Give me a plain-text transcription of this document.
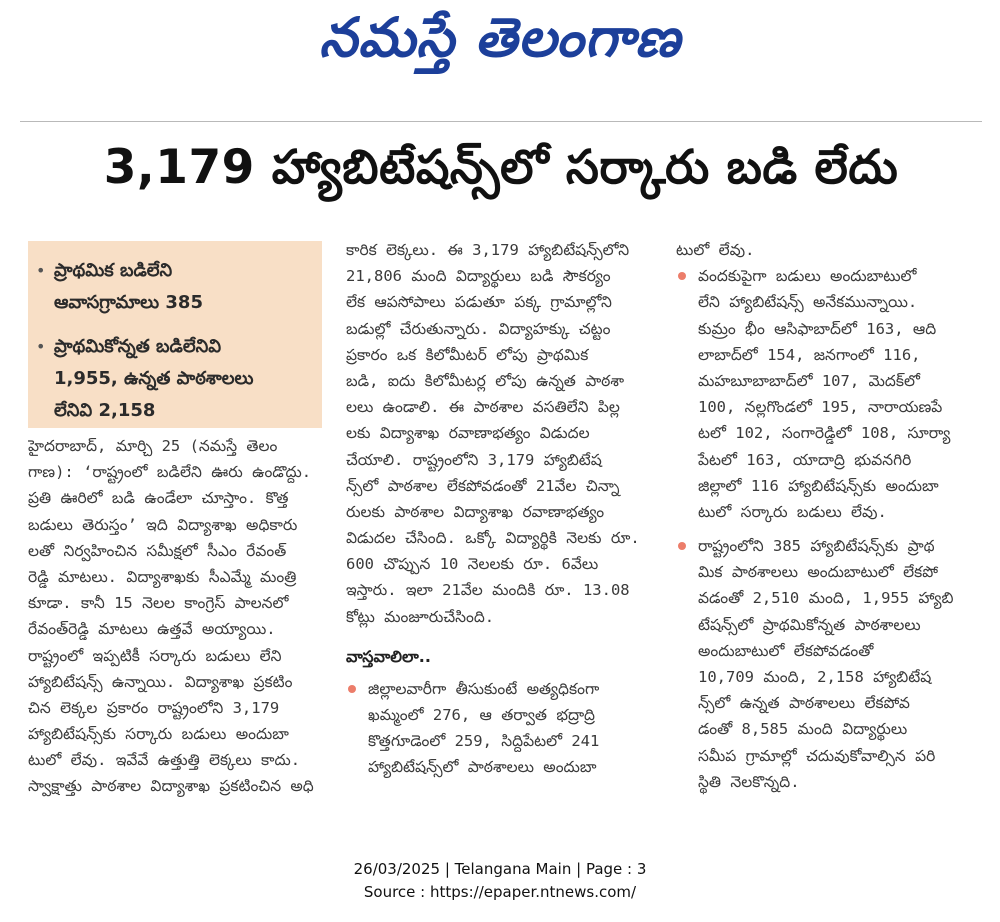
నమస్తే తెలంగాణ
3,179 హ్యాబిటేషన్స్‌లో సర్కారు బడి లేదు
• ప్రాథమిక బడిలేని
ఆవాసగ్రామాలు 385
• ప్రాథమికోన్నత బడిలేనివి
1,955, ఉన్నత పాఠశాలలు
లేనివి 2,158
హైదరాబాద్, మార్చి 25 (నమస్తే తెలం
గాణ): ‘రాష్ట్రంలో బడిలేని ఊరు ఉండొద్దు.
ప్రతి ఊరిలో బడి ఉండేలా చూస్తాం. కొత్త
బడులు తెరుస్తం’ ఇది విద్యాశాఖ అధికారు
లతో నిర్వహించిన సమీక్షలో సీఎం రేవంత్
రెడ్డి మాటలు. విద్యాశాఖకు సీఎమ్మే మంత్రి
కూడా. కానీ 15 నెలల కాంగ్రెస్ పాలనలో
రేవంత్‌రెడ్డి మాటలు ఉత్తవే అయ్యాయి.
రాష్ట్రంలో ఇప్పటికీ సర్కారు బడులు లేని
హ్యాబిటేషన్స్ ఉన్నాయి. విద్యాశాఖ ప్రకటిం
చిన లెక్కల ప్రకారం రాష్ట్రంలోని 3,179
హ్యాబిటేషన్స్‌కు సర్కారు బడులు అందుబా
టులో లేవు. ఇవేవే ఉత్తుత్తి లెక్కలు కాదు.
స్వాక్షాత్తు పాఠశాల విద్యాశాఖ ప్రకటించిన అధి
కారిక లెక్కలు. ఈ 3,179 హ్యాబిటేషన్స్‌లోని
21,806 మంది విద్యార్థులు బడి సౌకర్యం
లేక ఆపసోపాలు పడుతూ పక్క గ్రామాల్లోని
బడుల్లో చేరుతున్నారు. విద్యాహక్కు చట్టం
ప్రకారం ఒక కిలోమీటర్ లోపు ప్రాథమిక
బడి, ఐదు కిలోమీటర్ల లోపు ఉన్నత పాఠశా
లలు ఉండాలి. ఈ పాఠశాల వసతిలేని పిల్ల
లకు విద్యాశాఖ రవాణాభత్యం విడుదల
చేయాలి. రాష్ట్రంలోని 3,179 హ్యాబిటేష
న్స్‌లో పాఠశాల లేకపోవడంతో 21వేల చిన్నా
రులకు పాఠశాల విద్యాశాఖ రవాణాభత్యం
విడుదల చేసింది. ఒక్కో విద్యార్థికి నెలకు రూ.
600 చొప్పున 10 నెలలకు రూ. 6వేలు
ఇస్తారు. ఇలా 21వేల మందికి రూ. 13.08
కోట్లు మంజూరుచేసింది.
వాస్తవాలిలా..
జిల్లాలవారీగా తీసుకుంటే అత్యధికంగా
ఖమ్మంలో 276, ఆ తర్వాత భద్రాద్రి
కొత్తగూడెంలో 259, సిద్దిపేటలో 241
హ్యాబిటేషన్స్‌లో పాఠశాలలు అందుబా
టులో లేవు.
వందకుపైగా బడులు అందుబాటులో
లేని హ్యాబిటేషన్స్ అనేకమున్నాయి.
కుమ్రం భీం ఆసిఫాబాద్‌లో 163, ఆది
లాబాద్‌లో 154, జనగాంలో 116,
మహబూబాబాద్‌లో 107, మెదక్‌లో
100, నల్లగొండలో 195, నారాయణపే
టలో 102, సంగారెడ్డిలో 108, సూర్యా
పేటలో 163, యాదాద్రి భువనగిరి
జిల్లాలో 116 హ్యాబిటేషన్స్‌కు అందుబా
టులో సర్కారు బడులు లేవు.
రాష్ట్రంలోని 385 హ్యాబిటేషన్స్‌కు ప్రాథ
మిక పాఠశాలలు అందుబాటులో లేకపో
వడంతో 2,510 మంది, 1,955 హ్యాబి
టేషన్స్‌లో ప్రాథమికోన్నత పాఠశాలలు
అందుబాటులో లేకపోవడంతో
10,709 మంది, 2,158 హ్యాబిటేష
న్స్‌లో ఉన్నత పాఠశాలలు లేకపోవ
డంతో 8,585 మంది విద్యార్థులు
సమీప గ్రామాల్లో చదువుకోవాల్సిన పరి
స్థితి నెలకొన్నది.
26/03/2025 | Telangana Main | Page : 3
Source : https://epaper.ntnews.com/
